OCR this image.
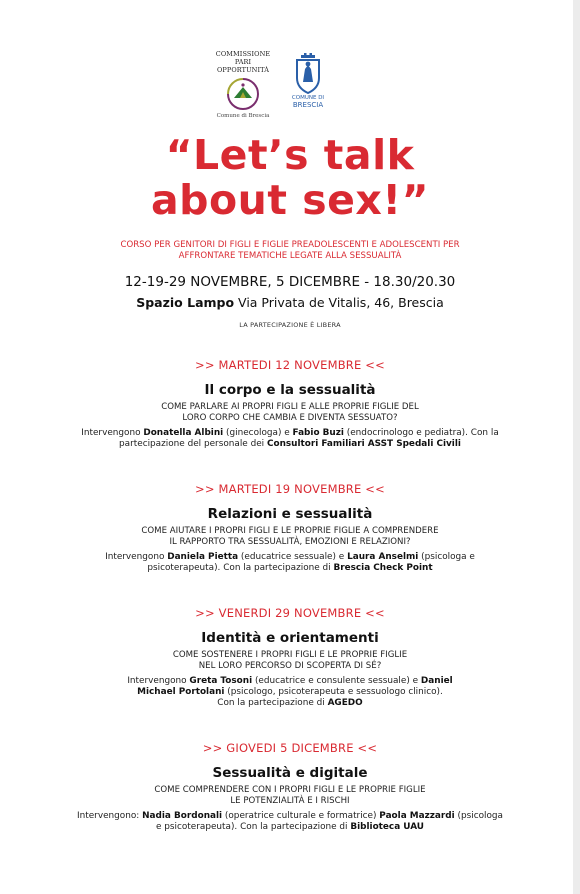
COMMISSIONE
PARI OPPORTUNITÀ
Comune di Brescia
COMUNE DI
BRESCIA
“Let’s talk
about sex!”
CORSO PER GENITORI DI FIGLI E FIGLIE PREADOLESCENTI E ADOLESCENTI PER
AFFRONTARE TEMATICHE LEGATE ALLA SESSUALITÀ
12-19-29 NOVEMBRE, 5 DICEMBRE - 18.30/20.30
Spazio Lampo Via Privata de Vitalis, 46, Brescia
LA PARTECIPAZIONE È LIBERA
>> MARTEDI 12 NOVEMBRE <<
Il corpo e la sessualità
COME PARLARE AI PROPRI FIGLI E ALLE PROPRIE FIGLIE DEL
LORO CORPO CHE CAMBIA E DIVENTA SESSUATO?
Intervengono Donatella Albini (ginecologa) e Fabio Buzi (endocrinologo e pediatra). Con la
partecipazione del personale dei Consultori Familiari ASST Spedali Civili
>> MARTEDI 19 NOVEMBRE <<
Relazioni e sessualità
COME AIUTARE I PROPRI FIGLI E LE PROPRIE FIGLIE A COMPRENDERE
IL RAPPORTO TRA SESSUALITÀ, EMOZIONI E RELAZIONI?
Intervengono Daniela Pietta (educatrice sessuale) e Laura Anselmi (psicologa e
psicoterapeuta). Con la partecipazione di Brescia Check Point
>> VENERDI 29 NOVEMBRE <<
Identità e orientamenti
COME SOSTENERE I PROPRI FIGLI E LE PROPRIE FIGLIE
NEL LORO PERCORSO DI SCOPERTA DI SÉ?
Intervengono Greta Tosoni (educatrice e consulente sessuale) e Daniel
Michael Portolani (psicologo, psicoterapeuta e sessuologo clinico).
Con la partecipazione di AGEDO
>> GIOVEDI 5 DICEMBRE <<
Sessualità e digitale
COME COMPRENDERE CON I PROPRI FIGLI E LE PROPRIE FIGLIE
LE POTENZIALITÀ E I RISCHI
Intervengono: Nadia Bordonali (operatrice culturale e formatrice) Paola Mazzardi (psicologa
e psicoterapeuta). Con la partecipazione di Biblioteca UAU
